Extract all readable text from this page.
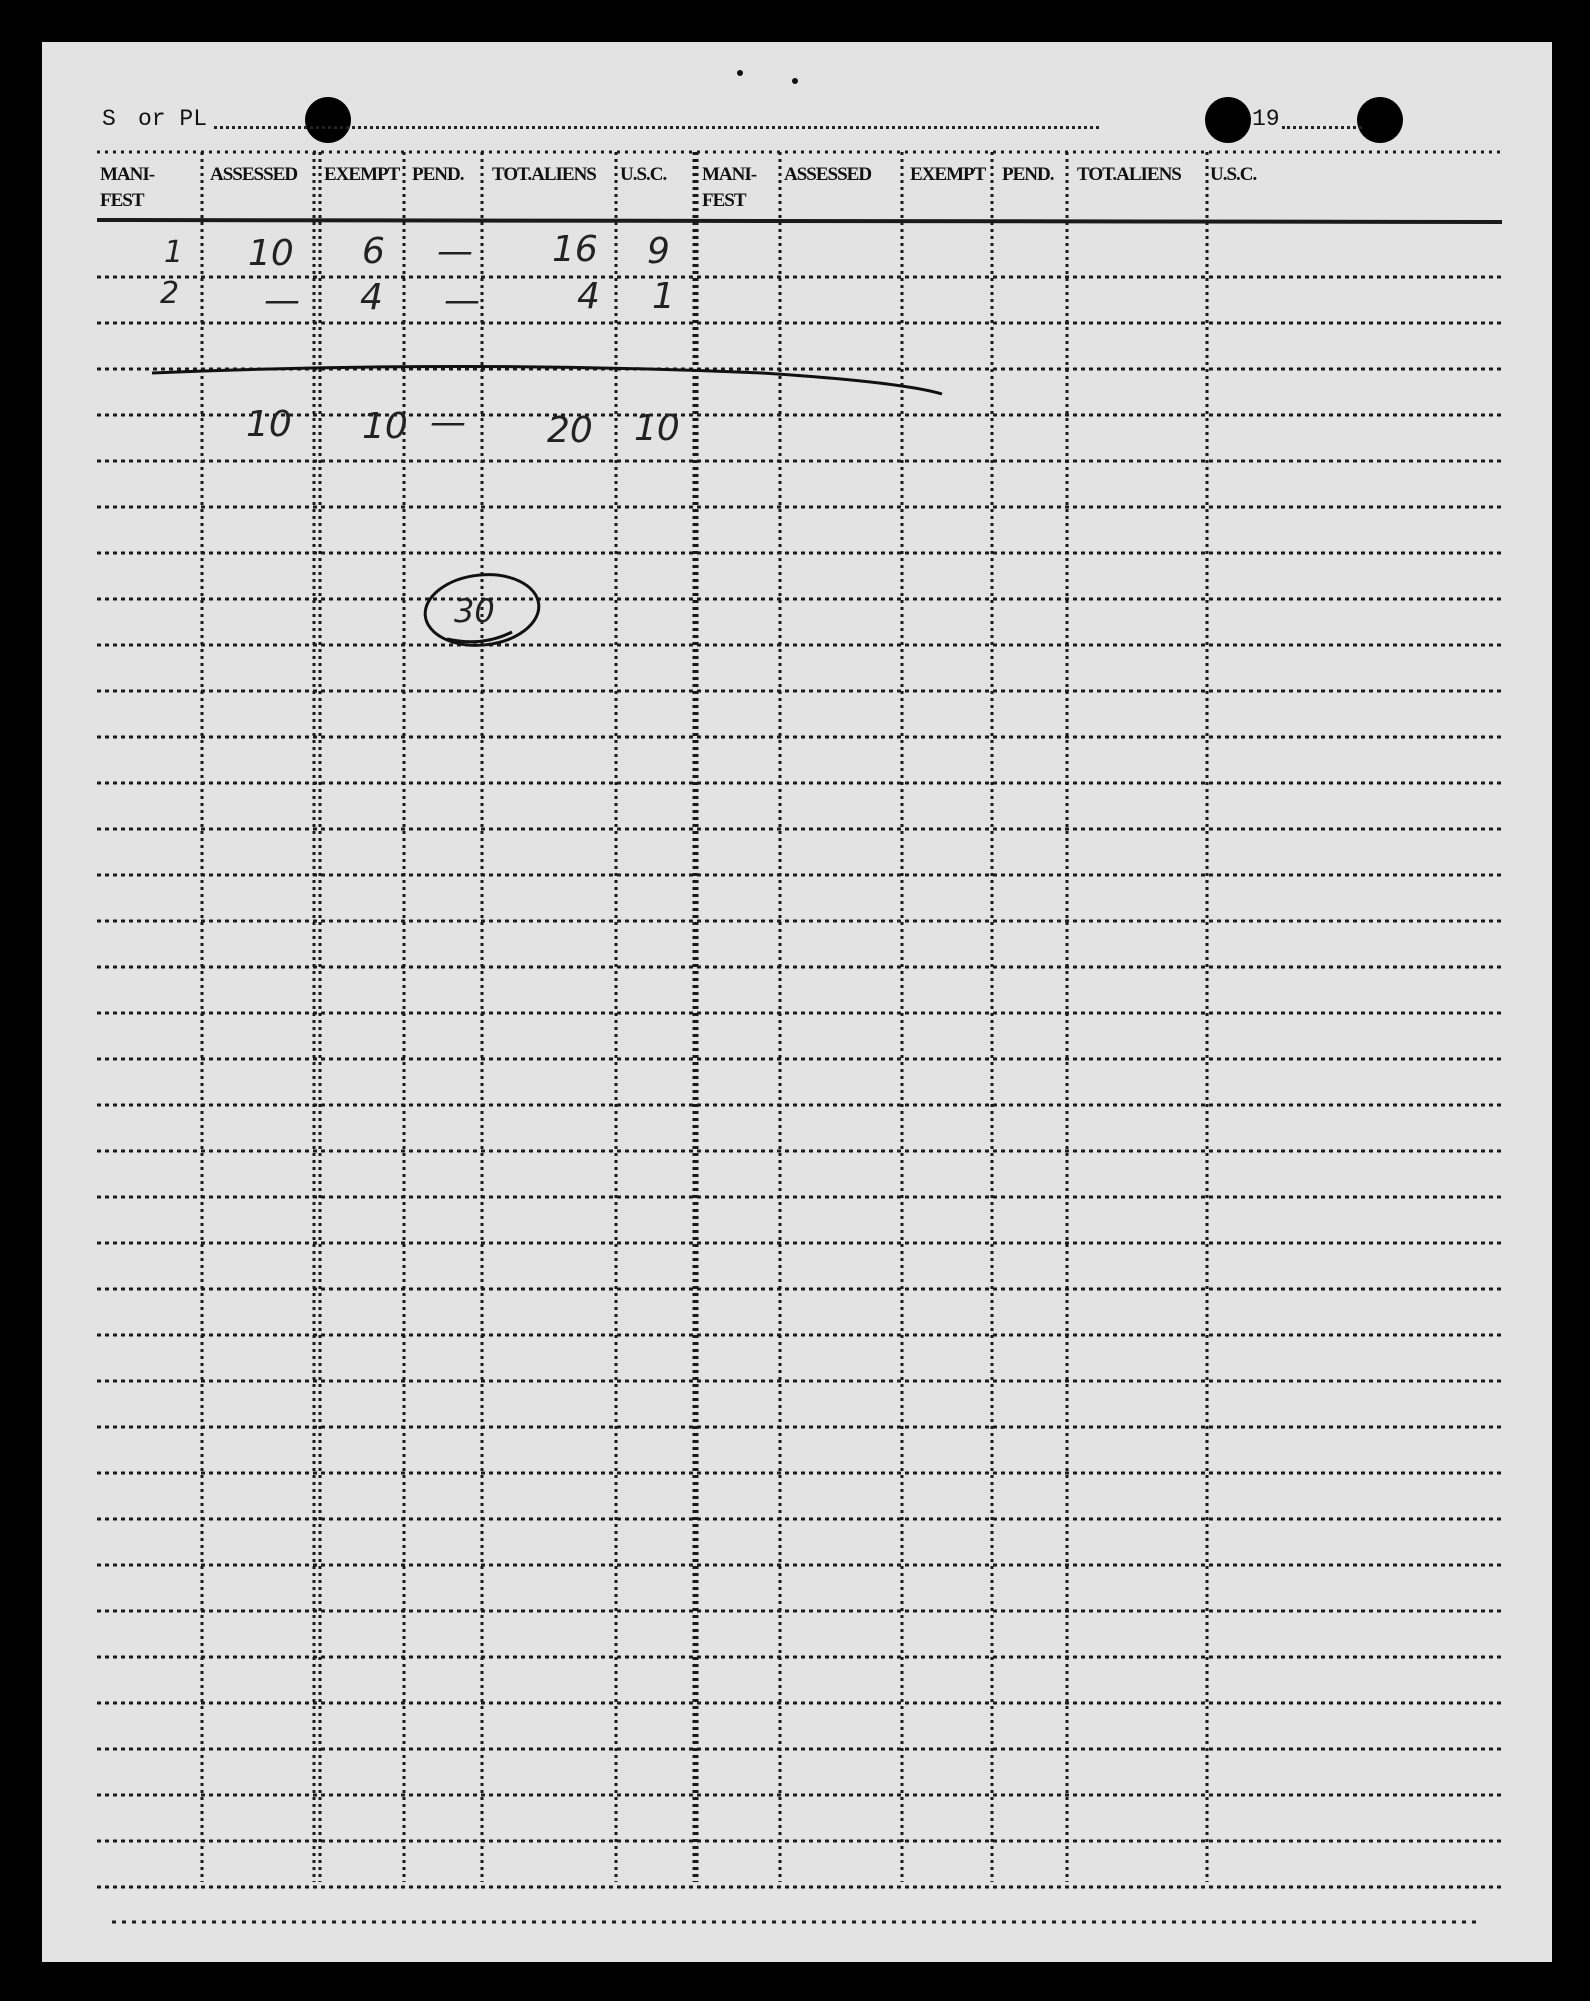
S or PL	19
MANI-
FEST
ASSESSED EXEMPT PEND. TOT.ALIENS U.S.C. MANI-
FEST
ASSESSED EXEMPT PEND. TOT.ALIENS U.S.C.
1 10 6 — 16 9
2 — 4 —	4 1
10 10 — 20 10
30
